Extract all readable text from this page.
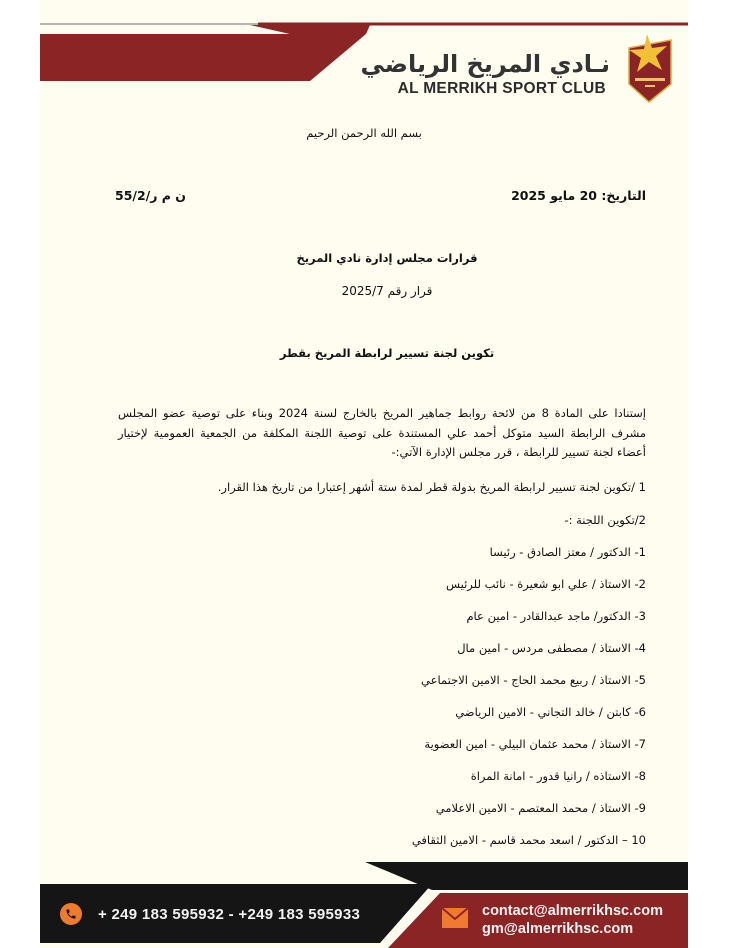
نـادي المريخ الرياضي
AL MERRIKH SPORT CLUB
بسم الله الرحمن الرحيم
التاريخ: 20 مايو 2025
ن م ر/55/2
قرارات مجلس إدارة نادي المريخ
قرار رقم 2025/7
تكوين لجنة تسيير لرابطة المريخ بقطر
إستنادا على المادة 8 من لائحة روابط جماهير المريخ بالخارج لسنة 2024 وبناء على توصية عضو المجلس مشرف الرابطة السيد متوكل أحمد علي المستندة على توصية اللجنة المكلفة من الجمعية العمومية لإختيار أعضاء لجنة تسيير للرابطة ، قرر مجلس الإدارة الآتي:-
1 /تكوين لجنة تسيير لرابطة المريخ بدولة قطر لمدة ستة أشهر إعتبارا من تاريخ هذا القرار.
2/تكوين اللجنة :-
1- الدكتور / معتز الصادق - رئيسا
2- الاستاذ / علي ابو شعيرة - نائب للرئيس
3- الدكتور/ ماجد عبدالقادر - امين عام
4- الاستاذ / مصطفى مردس - امين مال
5- الاستاذ / ربيع محمد الحاج - الامين الاجتماعي
6- كابتن / خالد التجاني - الامين الرياضي
7- الاستاذ / محمد عثمان البيلي - امين العضوية
8- الاستاذه / رانيا قدور - امانة المراة
9- الاستاذ / محمد المعتصم - الامين الاعلامي
10 – الدكتور / اسعد محمد قاسم - الامين الثقافي
+ 249 183 595932 - +249 183 595933	contact@almerrikhsc.com
gm@almerrikhsc.com
